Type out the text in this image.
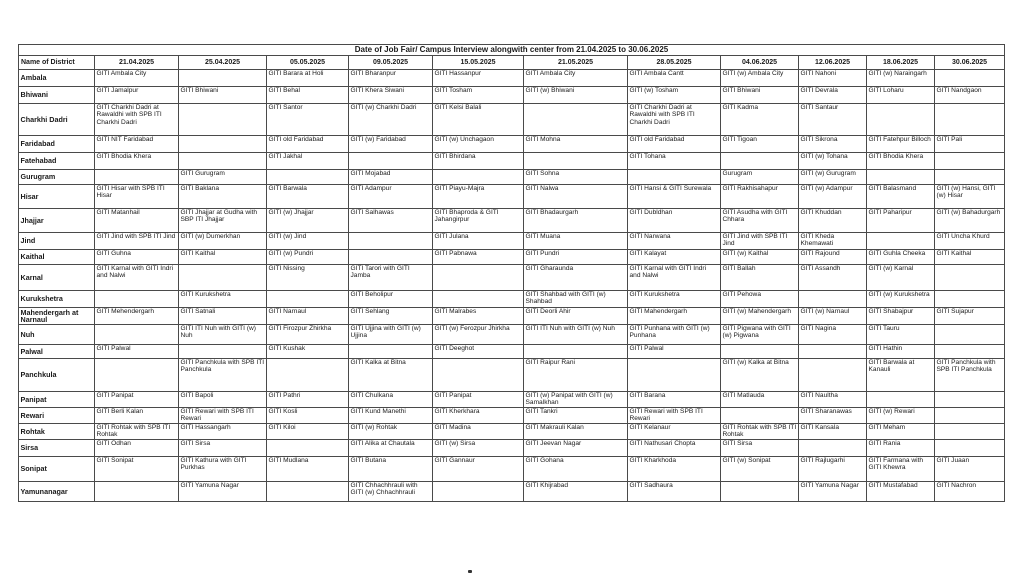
Date of Job Fair/ Campus Interview alongwith center from 21.04.2025 to 30.06.2025											
Name of District	21.04.2025	25.04.2025	05.05.2025	09.05.2025	15.05.2025	21.05.2025	28.05.2025	04.06.2025	12.06.2025	18.06.2025	30.06.2025
Ambala	GITI Ambala City		GITI Barara at Holi	GITI Bharanpur	GITI Hassanpur	GITI Ambala City	GITI Ambala Cantt	GITI (w) Ambala City	GITI Nahoni	GITI (w) Naraingarh	
Bhiwani	GITI Jamalpur	GITI Bhiwani	GITI Behal	GITI Khera Siwani	GITI Tosham	GITI (w) Bhiwani	GITI (w) Tosham	GITI Bhiwani	GITI Devrala	GITI Loharu	GITI Nandgaon
Charkhi Dadri	GITI Charkhi Dadri at Rawaldhi with SPB ITI Charkhi Dadri		GITI Santor	GITI (w) Charkhi Dadri	GITI Kelsi Balali		GITI Charkhi Dadri at Rawaldhi with SPB ITI Charkhi Dadri	GITI Kadma	GITI Santaur		
Faridabad	GITI NIT Faridabad		GITI old Faridabad	GITI (w) Faridabad	GITI (w) Unchagaon	GITI Mohna	GITI old Faridabad	GITI Tigoan	GITI Sikrona	GITI Fatehpur Billoch	GITI Pali
Fatehabad	GITI Bhodia Khera		GITI Jakhal		GITI Bhirdana		GITI Tohana		GITI (w) Tohana	GITI Bhodia Khera	
Gurugram		GITI Gurugram		GITI Mojabad		GITI Sohna		Gurugram	GITI (w) Gurugram		
Hisar	GITI Hisar with SPB ITI Hisar	GITI Baklana	GITI Barwala	GITI Adampur	GITI Piayu-Majra	GITI Nalwa	GITI Hansi & GITI Surewala	GITI Rakhisahapur	GITI (w) Adampur	GITI Balasmand	GITI (w) Hansi, GITI (w) Hisar
Jhajjar	GITI Matanhail	GITI Jhajjar at Gudha with SBP ITI Jhajjar	GITI (w) Jhajjar	GITI Salhawas	GITI Bhaproda & GITI Jahangirpur	GITI Bhadaurgarh	GITI Dubldhan	GITI Asudha with GITI Chhara	GITI Khuddan	GITI Paharipur	GITI (w) Bahadurgarh
Jind	GITI Jind with SPB ITI Jind	GITI (w) Dumerkhan	GITI (w) Jind		GITI Julana	GITI Muana	GITI Narwana	GITI Jind with SPB ITI Jind	GITI Kheda Khemawati		GITI Uncha Khurd
Kaithal	GITI Guhna	GITI Kaithal	GITI (w) Pundri		GITI Pabnawa	GITI Pundri	GITI Kalayat	GITI (w) Kaithal	GITI Rajound	GITI Guhla Cheeka	GITI Kaithal
Karnal	GITI Karnal with GITI Indri and Nalwi		GITI Nissing	GITI Tarori with GITI Jamba		GITI Gharaunda	GITI Karnal with GITI Indri and Nalwi	GITI Ballah	GITI Assandh	GITI (w) Karnal	
Kurukshetra		GITI Kurukshetra		GITI Beholipur		GITI Shahbad with GITI (w) Shahbad	GITI Kurukshetra	GITI Pehowa		GITI (w) Kurukshetra	
Mahendergarh at Narnaul	GITI Mehendergarh	GITI Satnali	GITI Narnaul	GITI Sehlang	GITI Malrabes	GITI Deorli Ahir	GITI Mahendergarh	GITI (w) Mahendergarh	GITI (w) Narnaul	GITI Shabajpur	GITI Sujapur
Nuh		GITI ITI Nuh with GITI (w) Nuh	GITI Firozpur Zhirkha	GITI Ujjina with GITI (w) Ujjina	GITI (w) Ferozpur Jhirkha	GITI ITI Nuh with GITI (w) Nuh	GITI Punhana with GITI (w) Punhana	GITI Pigwana with GITI (w) Pigwana	GITI Nagina	GITI Tauru	
Palwal	GITI Palwal		GITI Kushak		GITI Deeghot		GITI Palwal			GITI Hathin	
Panchkula		GITI Panchkula with SPB ITI Panchkula		GITI Kalka at Bitna		GITI Raipur Rani		GITI (w) Kalka at Bitna		GITI Barwala at Kanauli	GITI Panchkula with SPB ITI Panchkula
Panipat	GITI Panipat	GITI Bapoli	GITI Pathri	GITI Chulkana	GITI Panipat	GITI (w) Panipat with GITI (w) Samalkhan	GITI Barana	GITI Matlauda	GITI Naultha		
Rewari	GITI Berli Kalan	GITI Rewari with SPB ITI Rewari	GITI Kosli	GITI Kund Manethi	GITI Kherkhara	GITI Tankri	GITI Rewari with SPB ITI Rewari		GITI Sharanawas	GITI (w) Rewari	
Rohtak	GITI Rohtak with SPB ITI Rohtak	GITI Hassangarh	GITI Kiloi	GITI (w) Rohtak	GITI Madina	GITI Makrauli Kalan	GITI Kelanaur	GITI Rohtak with SPB ITI Rohtak	GITI Kansala	GITI Meham	
Sirsa	GITI Odhan	GITI Sirsa		GITI Alika at Chautala	GITI (w) Sirsa	GITI Jeevan Nagar	GITI Nathusari Chopta	GITI Sirsa		GITI Rania	
Sonipat	GITI Sonipat	GITI Kathura with GITI Purkhas	GITI Mudlana	GITI Butana	GITI Gannaur	GITI Gohana	GITI Kharkhoda	GITI (w) Sonipat	GITI Rajlugarhi	GITI Farmana with GITI Khewra	GITI Juaan
Yamunanagar		GITI Yamuna Nagar		GITI Chhachhrauli with GITI (w) Chhachhrauli		GITI Khijrabad	GITI Sadhaura		GITI Yamuna Nagar	GITI Mustafabad	GITI Nachron
